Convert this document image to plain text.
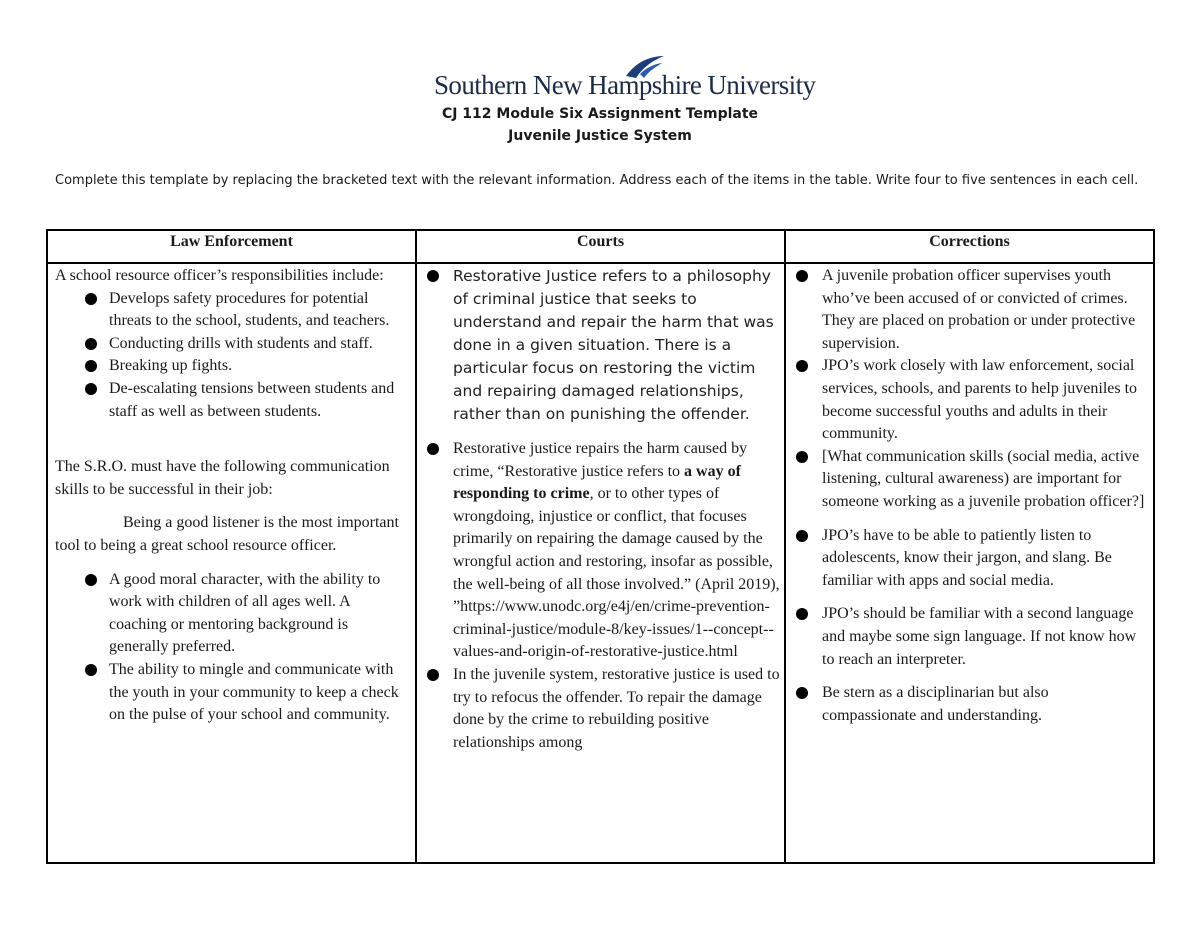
Southern New Hampshire University
CJ 112 Module Six Assignment Template
Juvenile Justice System
Complete this template by replacing the bracketed text with the relevant information. Address each of the items in the table. Write four to five sentences in each cell.
Law Enforcement	Courts	Corrections

A school resource officer’s responsibilities include:

Develops safety procedures for potential threats to the school, students, and teachers.
Conducting drills with students and staff.
Breaking up fights.
De-escalating tensions between students and staff as well as between students.

The S.R.O. must have the following communication skills to be successful in their job:

Being a good listener is the most important tool to being a great school resource officer.

A good moral character, with the ability to work with children of all ages well. A coaching or mentoring background is generally preferred.
The ability to mingle and communicate with the youth in your community to keep a check on the pulse of your school and community.
Restorative Justice refers to a philosophy of criminal justice that seeks to understand and repair the harm that was done in a given situation. There is a particular focus on restoring the victim and repairing damaged relationships, rather than on punishing the offender.
Restorative justice repairs the harm caused by crime, “Restorative justice refers to a way of responding to crime, or to other types of wrongdoing, injustice or conflict, that focuses primarily on repairing the damage caused by the wrongful action and restoring, insofar as possible, the well-being of all those involved.” (April 2019), ”https://www.unodc.org/e4j/en/crime-prevention-criminal-justice/module-8/key-issues/1--concept--values-and-origin-of-restorative-justice.html
In the juvenile system, restorative justice is used to try to refocus the offender. To repair the damage done by the crime to rebuilding positive relationships among
A juvenile probation officer supervises youth who’ve been accused of or convicted of crimes. They are placed on probation or under protective supervision.
JPO’s work closely with law enforcement, social services, schools, and parents to help juveniles to become successful youths and adults in their community.
[What communication skills (social media, active listening, cultural awareness) are important for someone working as a juvenile probation officer?]
JPO’s have to be able to patiently listen to adolescents, know their jargon, and slang. Be familiar with apps and social media.
JPO’s should be familiar with a second language and maybe some sign language. If not know how to reach an interpreter.
Be stern as a disciplinarian but also compassionate and understanding.
